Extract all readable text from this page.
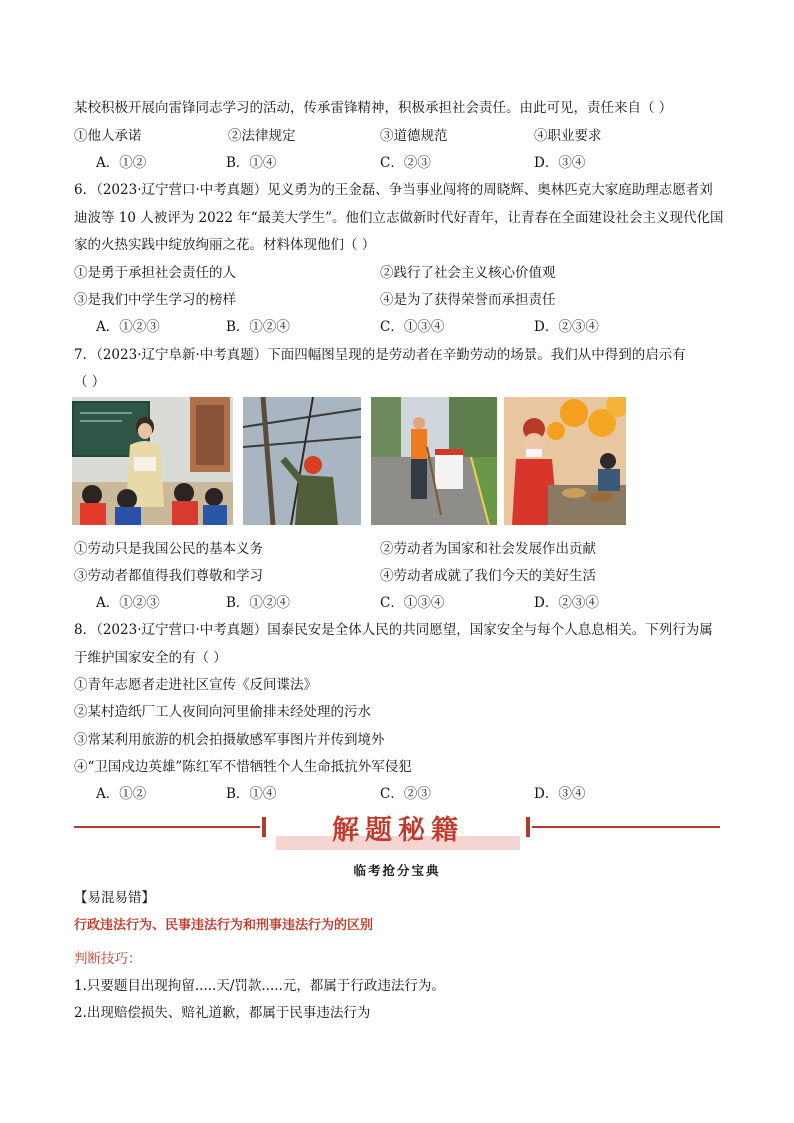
某校积极开展向雷锋同志学习的活动，传承雷锋精神，积极承担社会责任。由此可见，责任来自（ ）
①他人承诺	②法律规定	③道德规范	④职业要求
A．①②	B．①④	C．②③	D．③④
6．（2023·辽宁营口·中考真题）见义勇为的王金磊、争当事业闯将的周晓辉、奥林匹克大家庭助理志愿者刘
迪波等 10 人被评为 2022 年“最美大学生”。他们立志做新时代好青年，让青春在全面建设社会主义现代化国
家的火热实践中绽放绚丽之花。材料体现他们（ ）
①是勇于承担社会责任的人	②践行了社会主义核心价值观
③是我们中学生学习的榜样	④是为了获得荣誉而承担责任
A．①②③	B．①②④	C．①③④	D．②③④
7．（2023·辽宁阜新·中考真题）下面四幅图呈现的是劳动者在辛勤劳动的场景。我们从中得到的启示有
（ ）
①劳动只是我国公民的基本义务	②劳动者为国家和社会发展作出贡献
③劳动者都值得我们尊敬和学习	④劳动者成就了我们今天的美好生活
A．①②③	B．①②④	C．①③④	D．②③④
8．（2023·辽宁营口·中考真题）国泰民安是全体人民的共同愿望，国家安全与每个人息息相关。下列行为属
于维护国家安全的有（ ）
①青年志愿者走进社区宣传《反间谍法》
②某村造纸厂工人夜间向河里偷排未经处理的污水
③常某利用旅游的机会拍摄敏感军事图片并传到境外
④“卫国戍边英雄”陈红军不惜牺牲个人生命抵抗外军侵犯
A．①②	B．①④	C．②③	D．③④
解题秘籍
临考抢分宝典
【易混易错】
行政违法行为、民事违法行为和刑事违法行为的区别
判断技巧：
1.只要题目出现拘留.....天/罚款.....元，都属于行政违法行为。
2.出现赔偿损失、赔礼道歉，都属于民事违法行为
